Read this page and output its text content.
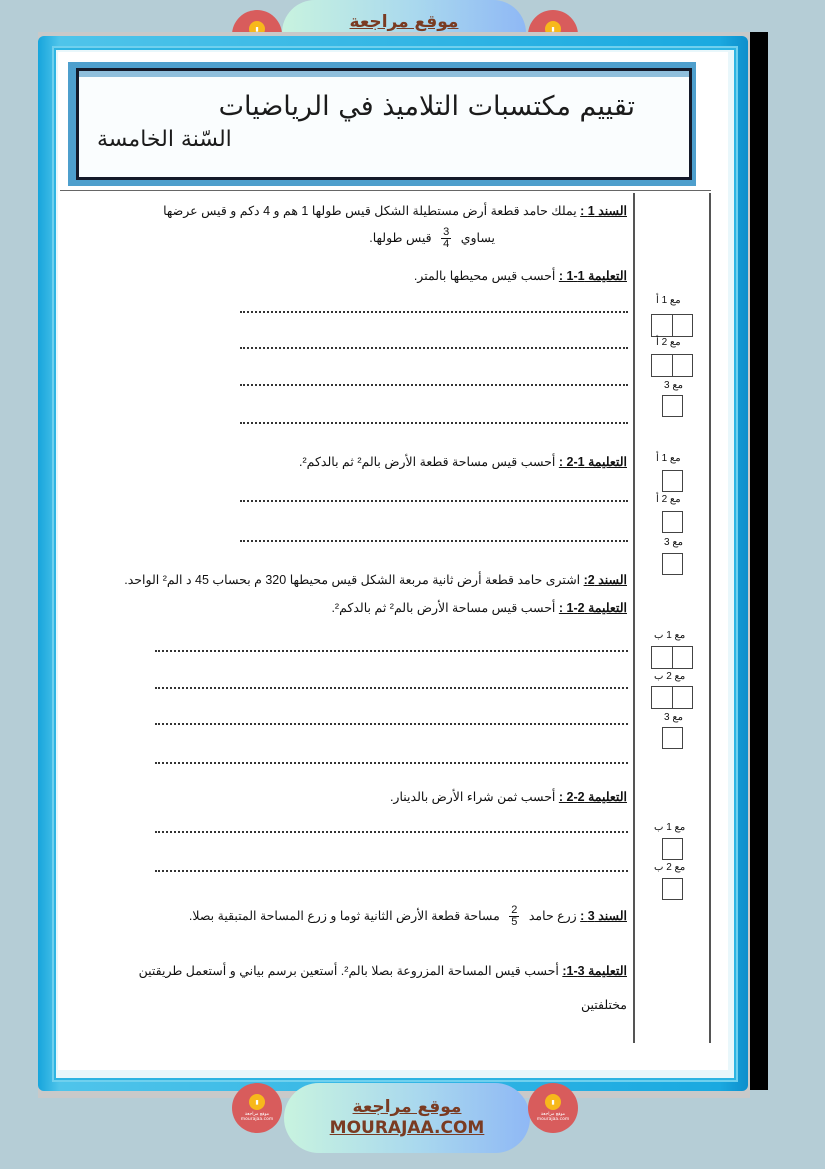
▮	موقع مراجعة	▮
تقييم مكتسبات التلاميذ في الرياضيات
السّنة الخامسة
السند 1 : يملك حامد قطعة أرض مستطيلة الشكل قيس طولها 1 هم و 4 دكم و قيس عرضها
يساوي
$\frac{3}{4}$
قيس طولها.
التعليمة 1-1 : أحسب قيس محيطها بالمتر.
التعليمة 1-2 : أحسب قيس مساحة قطعة الأرض بالم² ثم بالدكم².
السند 2: اشترى حامد قطعة أرض ثانية مربعة الشكل قيس محيطها 320 م بحساب 45 د الم² الواحد.
التعليمة 2-1 : أحسب قيس مساحة الأرض بالم² ثم بالدكم².
التعليمة 2-2 : أحسب ثمن شراء الأرض بالدينار.
السند 3 : زرع حامد
$\frac{2}{5}$
مساحة قطعة الأرض الثانية ثوما و زرع المساحة المتبقية بصلا.
التعليمة 3-1: أحسب قيس المساحة المزروعة بصلا بالم². أستعين برسم بياني و أستعمل طريقتين
مختلفتين
مع 1 أ
مع 2 أ
مع 3
مع 1 أ
مع 2 أ
مع 3
مع 1 ب
مع 2 ب
مع 3
مع 1 ب
مع 2 ب
▮
موقع مراجعة mourajaa.com
موقع مراجعة
MOURAJAA.COM
▮
موقع مراجعة mourajaa.com
